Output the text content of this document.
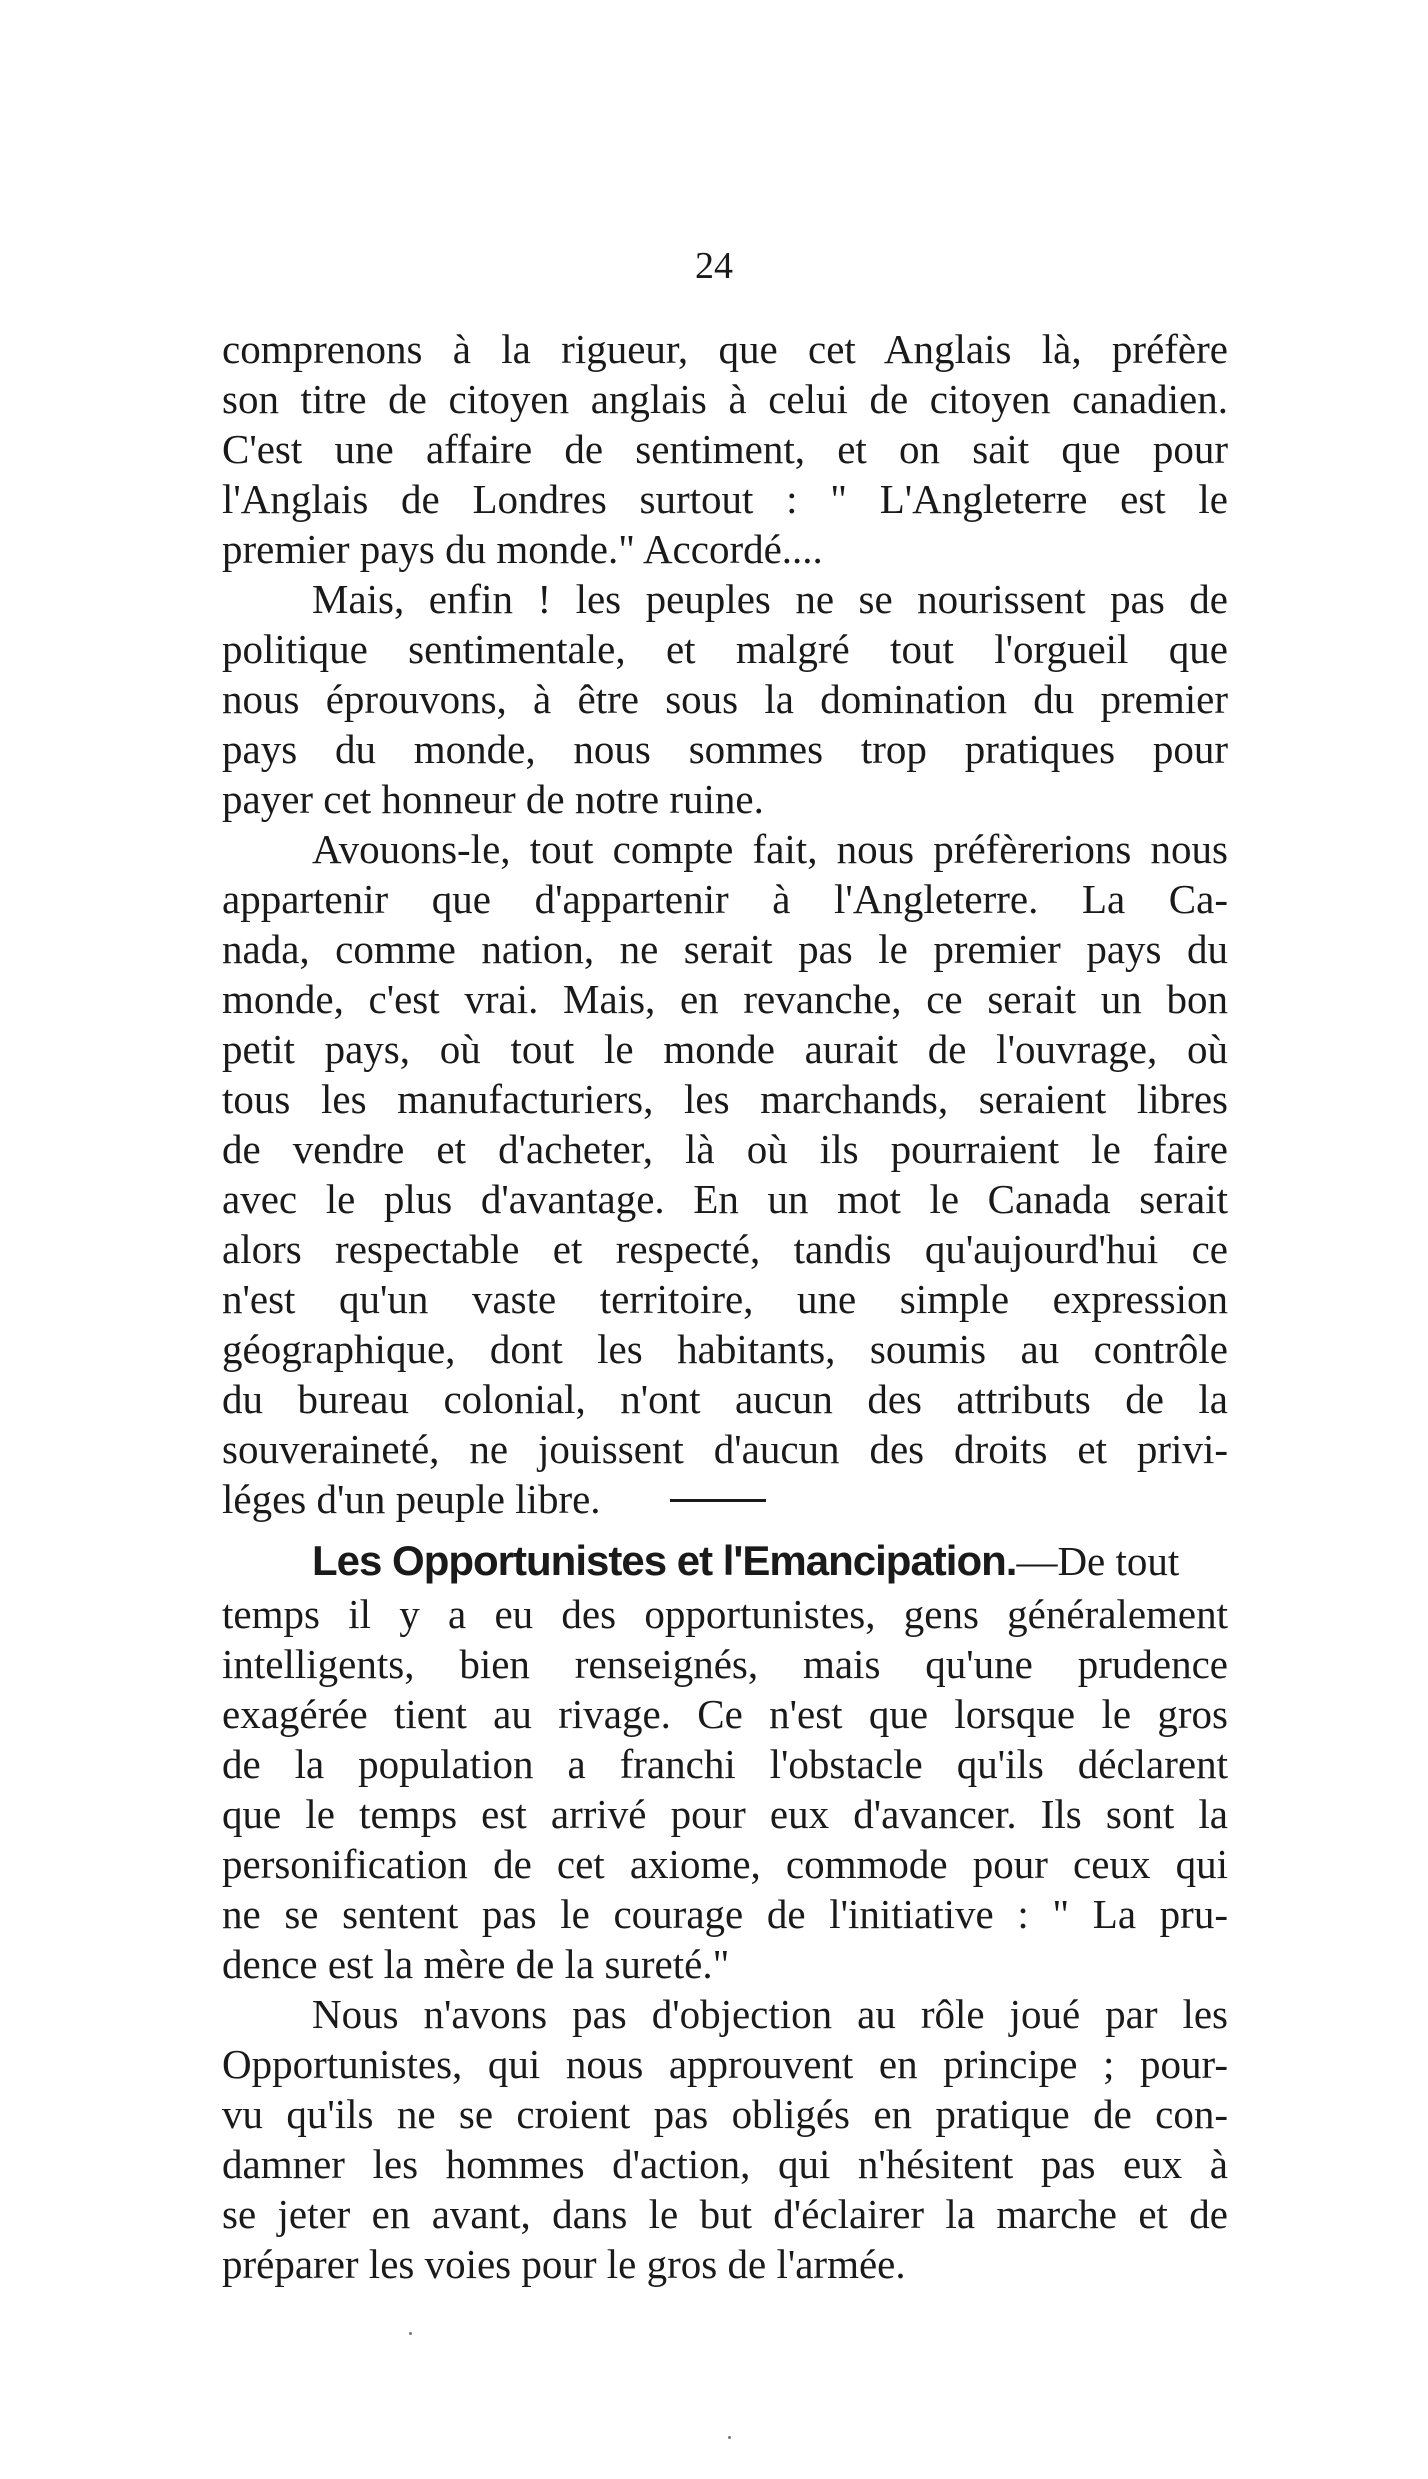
24
comprenons à la rigueur, que cet Anglais là, préfère
son titre de citoyen anglais à celui de citoyen canadien.
C'est une affaire de sentiment, et on sait que pour
l'Anglais de Londres surtout : " L'Angleterre est le
premier pays du monde." Accordé....
Mais, enfin ! les peuples ne se nourissent pas de
politique sentimentale, et malgré tout l'orgueil que
nous éprouvons, à être sous la domination du premier
pays du monde, nous sommes trop pratiques pour
payer cet honneur de notre ruine.
Avouons-le, tout compte fait, nous préfèrerions nous
appartenir que d'appartenir à l'Angleterre. La Ca-
nada, comme nation, ne serait pas le premier pays du
monde, c'est vrai. Mais, en revanche, ce serait un bon
petit pays, où tout le monde aurait de l'ouvrage, où
tous les manufacturiers, les marchands, seraient libres
de vendre et d'acheter, là où ils pourraient le faire
avec le plus d'avantage. En un mot le Canada serait
alors respectable et respecté, tandis qu'aujourd'hui ce
n'est qu'un vaste territoire, une simple expression
géographique, dont les habitants, soumis au contrôle
du bureau colonial, n'ont aucun des attributs de la
souveraineté, ne jouissent d'aucun des droits et privi-
léges d'un peuple libre.
Les Opportunistes et l'Emancipation.—De tout
temps il y a eu des opportunistes, gens généralement
intelligents, bien renseignés, mais qu'une prudence
exagérée tient au rivage. Ce n'est que lorsque le gros
de la population a franchi l'obstacle qu'ils déclarent
que le temps est arrivé pour eux d'avancer. Ils sont la
personification de cet axiome, commode pour ceux qui
ne se sentent pas le courage de l'initiative : " La pru-
dence est la mère de la sureté."
Nous n'avons pas d'objection au rôle joué par les
Opportunistes, qui nous approuvent en principe ; pour-
vu qu'ils ne se croient pas obligés en pratique de con-
damner les hommes d'action, qui n'hésitent pas eux à
se jeter en avant, dans le but d'éclairer la marche et de
préparer les voies pour le gros de l'armée.
